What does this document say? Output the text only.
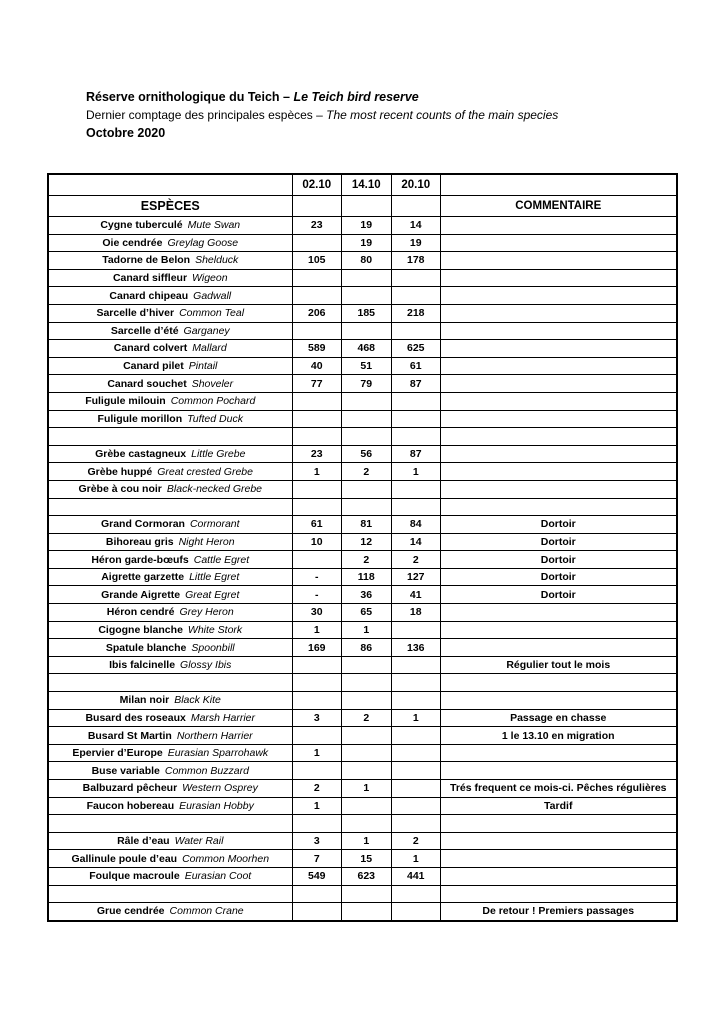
Réserve ornithologique du Teich – Le Teich bird reserve
Dernier comptage des principales espèces – The most recent counts of the main species
Octobre 2020
	02.10	14.10	20.10	
ESPÈCES				COMMENTAIRE
Cygne tuberculé Mute Swan	23	19	14	
Oie cendrée Greylag Goose		19	19	
Tadorne de Belon Shelduck	105	80	178	
Canard siffleur Wigeon				
Canard chipeau Gadwall				
Sarcelle d’hiver Common Teal	206	185	218	
Sarcelle d’été Garganey				
Canard colvert Mallard	589	468	625	
Canard pilet Pintail	40	51	61	
Canard souchet Shoveler	77	79	87	
Fuligule milouin Common Pochard				
Fuligule morillon Tufted Duck				

Grèbe castagneux Little Grebe	23	56	87	
Grèbe huppé Great crested Grebe	1	2	1	
Grèbe à cou noir Black-necked Grebe				

Grand Cormoran Cormorant	61	81	84	Dortoir
Bihoreau gris Night Heron	10	12	14	Dortoir
Héron garde-bœufs Cattle Egret		2	2	Dortoir
Aigrette garzette Little Egret	-	118	127	Dortoir
Grande Aigrette Great Egret	-	36	41	Dortoir
Héron cendré Grey Heron	30	65	18	
Cigogne blanche White Stork	1	1		
Spatule blanche Spoonbill	169	86	136	
Ibis falcinelle Glossy Ibis				Régulier tout le mois

Milan noir Black Kite				
Busard des roseaux Marsh Harrier	3	2	1	Passage en chasse
Busard St Martin Northern Harrier				1 le 13.10 en migration
Epervier d’Europe Eurasian Sparrohawk	1			
Buse variable Common Buzzard				
Balbuzard pêcheur Western Osprey	2	1		Trés frequent ce mois-ci. Pêches régulières
Faucon hobereau Eurasian Hobby	1			Tardif

Râle d’eau Water Rail	3	1	2	
Gallinule poule d’eau Common Moorhen	7	15	1	
Foulque macroule Eurasian Coot	549	623	441	

Grue cendrée Common Crane				De retour ! Premiers passages
